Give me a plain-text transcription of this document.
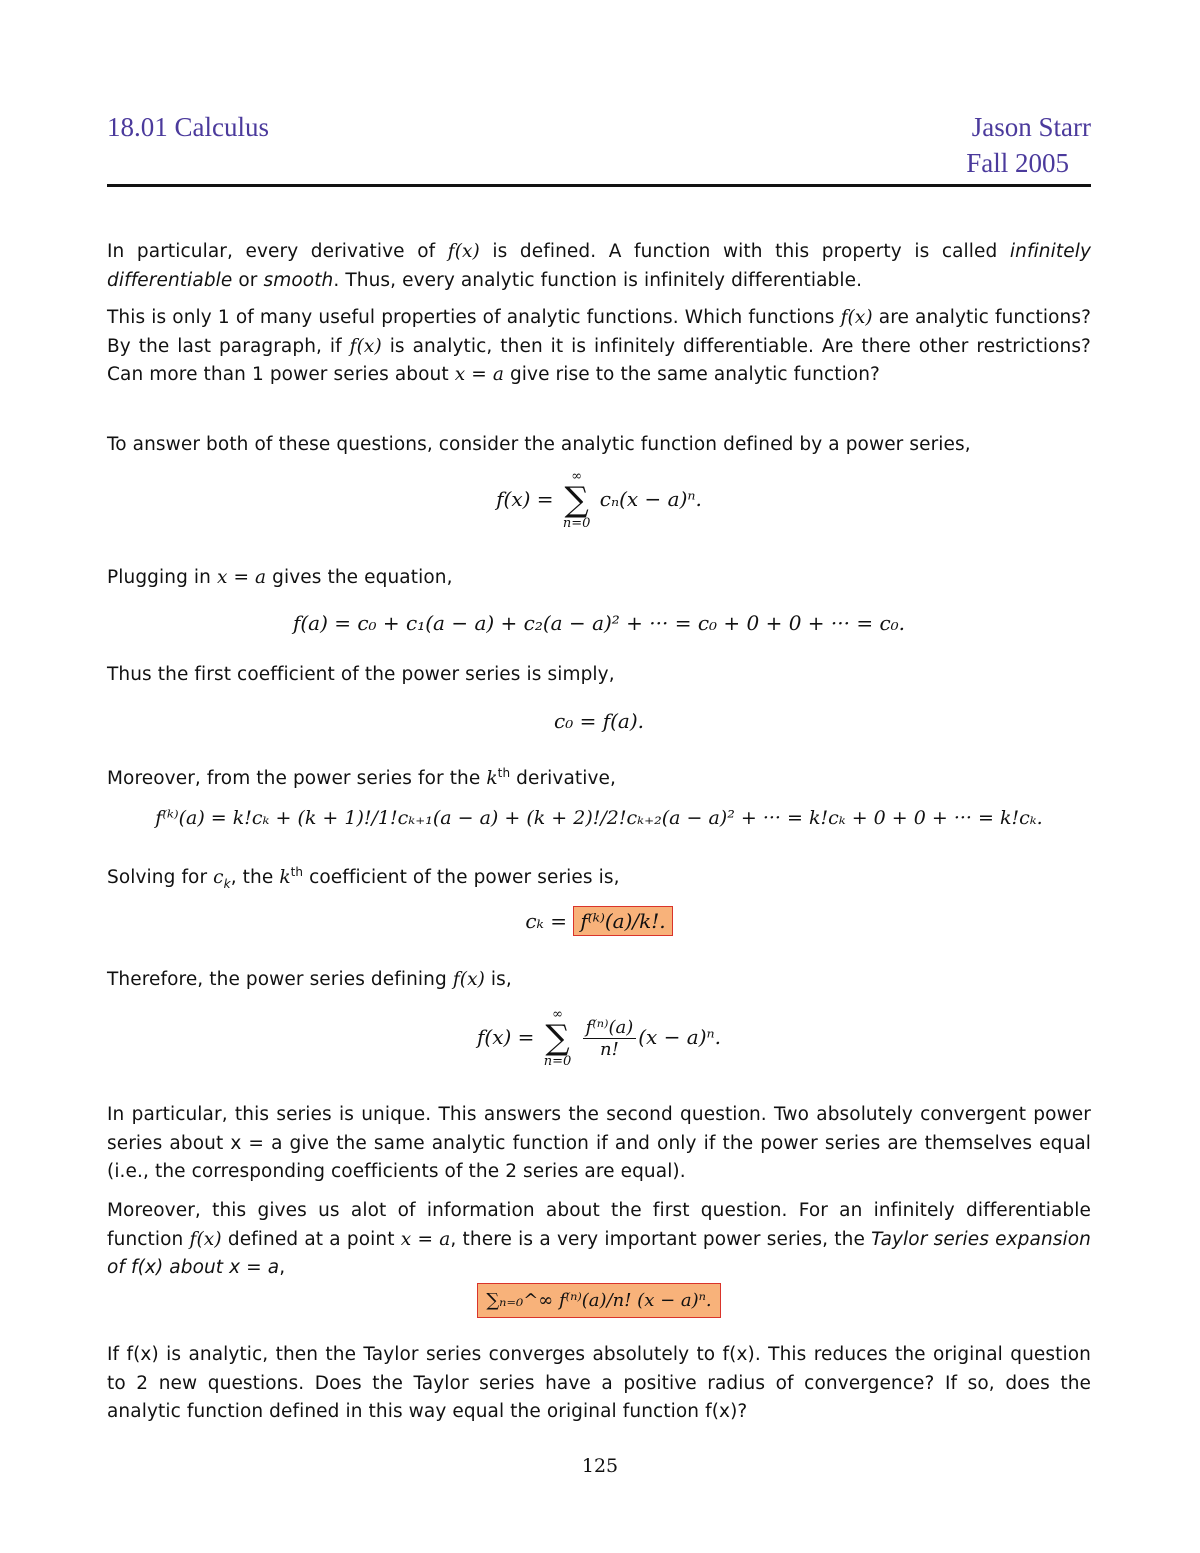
18.01 Calculus	Jason Starr
Fall 2005
In particular, every derivative of f(x) is defined. A function with this property is called infinitely differentiable or smooth. Thus, every analytic function is infinitely differentiable.
This is only 1 of many useful properties of analytic functions. Which functions f(x) are analytic functions? By the last paragraph, if f(x) is analytic, then it is infinitely differentiable. Are there other restrictions? Can more than 1 power series about x = a give rise to the same analytic function?
To answer both of these questions, consider the analytic function defined by a power series,
f(x) =
∞
∑
n=0
cₙ(x − a)ⁿ.
Plugging in x = a gives the equation,
f(a) = c₀ + c₁(a − a) + c₂(a − a)² + ··· = c₀ + 0 + 0 + ··· = c₀.
Thus the first coefficient of the power series is simply,
c₀ = f(a).
Moreover, from the power series for the $k^{th}$ derivative,
f⁽ᵏ⁾(a) = k!cₖ + (k + 1)!/1!cₖ₊₁(a − a) + (k + 2)!/2!cₖ₊₂(a − a)² + ··· = k!cₖ + 0 + 0 + ··· = k!cₖ.
Solving for $c_k$, the $k^{th}$ coefficient of the power series is,
cₖ = f⁽ᵏ⁾(a)/k!.
Therefore, the power series defining f(x) is,
f(x) =
∞
∑
n=0

$\frac{\text{f⁽ⁿ⁾(a)}}{n!} (x - a)^n$.
In particular, this series is unique. This answers the second question. Two absolutely convergent power series about x = a give the same analytic function if and only if the power series are themselves equal (i.e., the corresponding coefficients of the 2 series are equal).
Moreover, this gives us alot of information about the first question. For an infinitely differentiable function f(x) defined at a point x = a, there is a very important power series, the Taylor series expansion of f(x) about x = a,
∑ₙ₌₀^∞ f⁽ⁿ⁾(a)/n! (x − a)ⁿ.
If f(x) is analytic, then the Taylor series converges absolutely to f(x). This reduces the original question to 2 new questions. Does the Taylor series have a positive radius of convergence? If so, does the analytic function defined in this way equal the original function f(x)?
125
